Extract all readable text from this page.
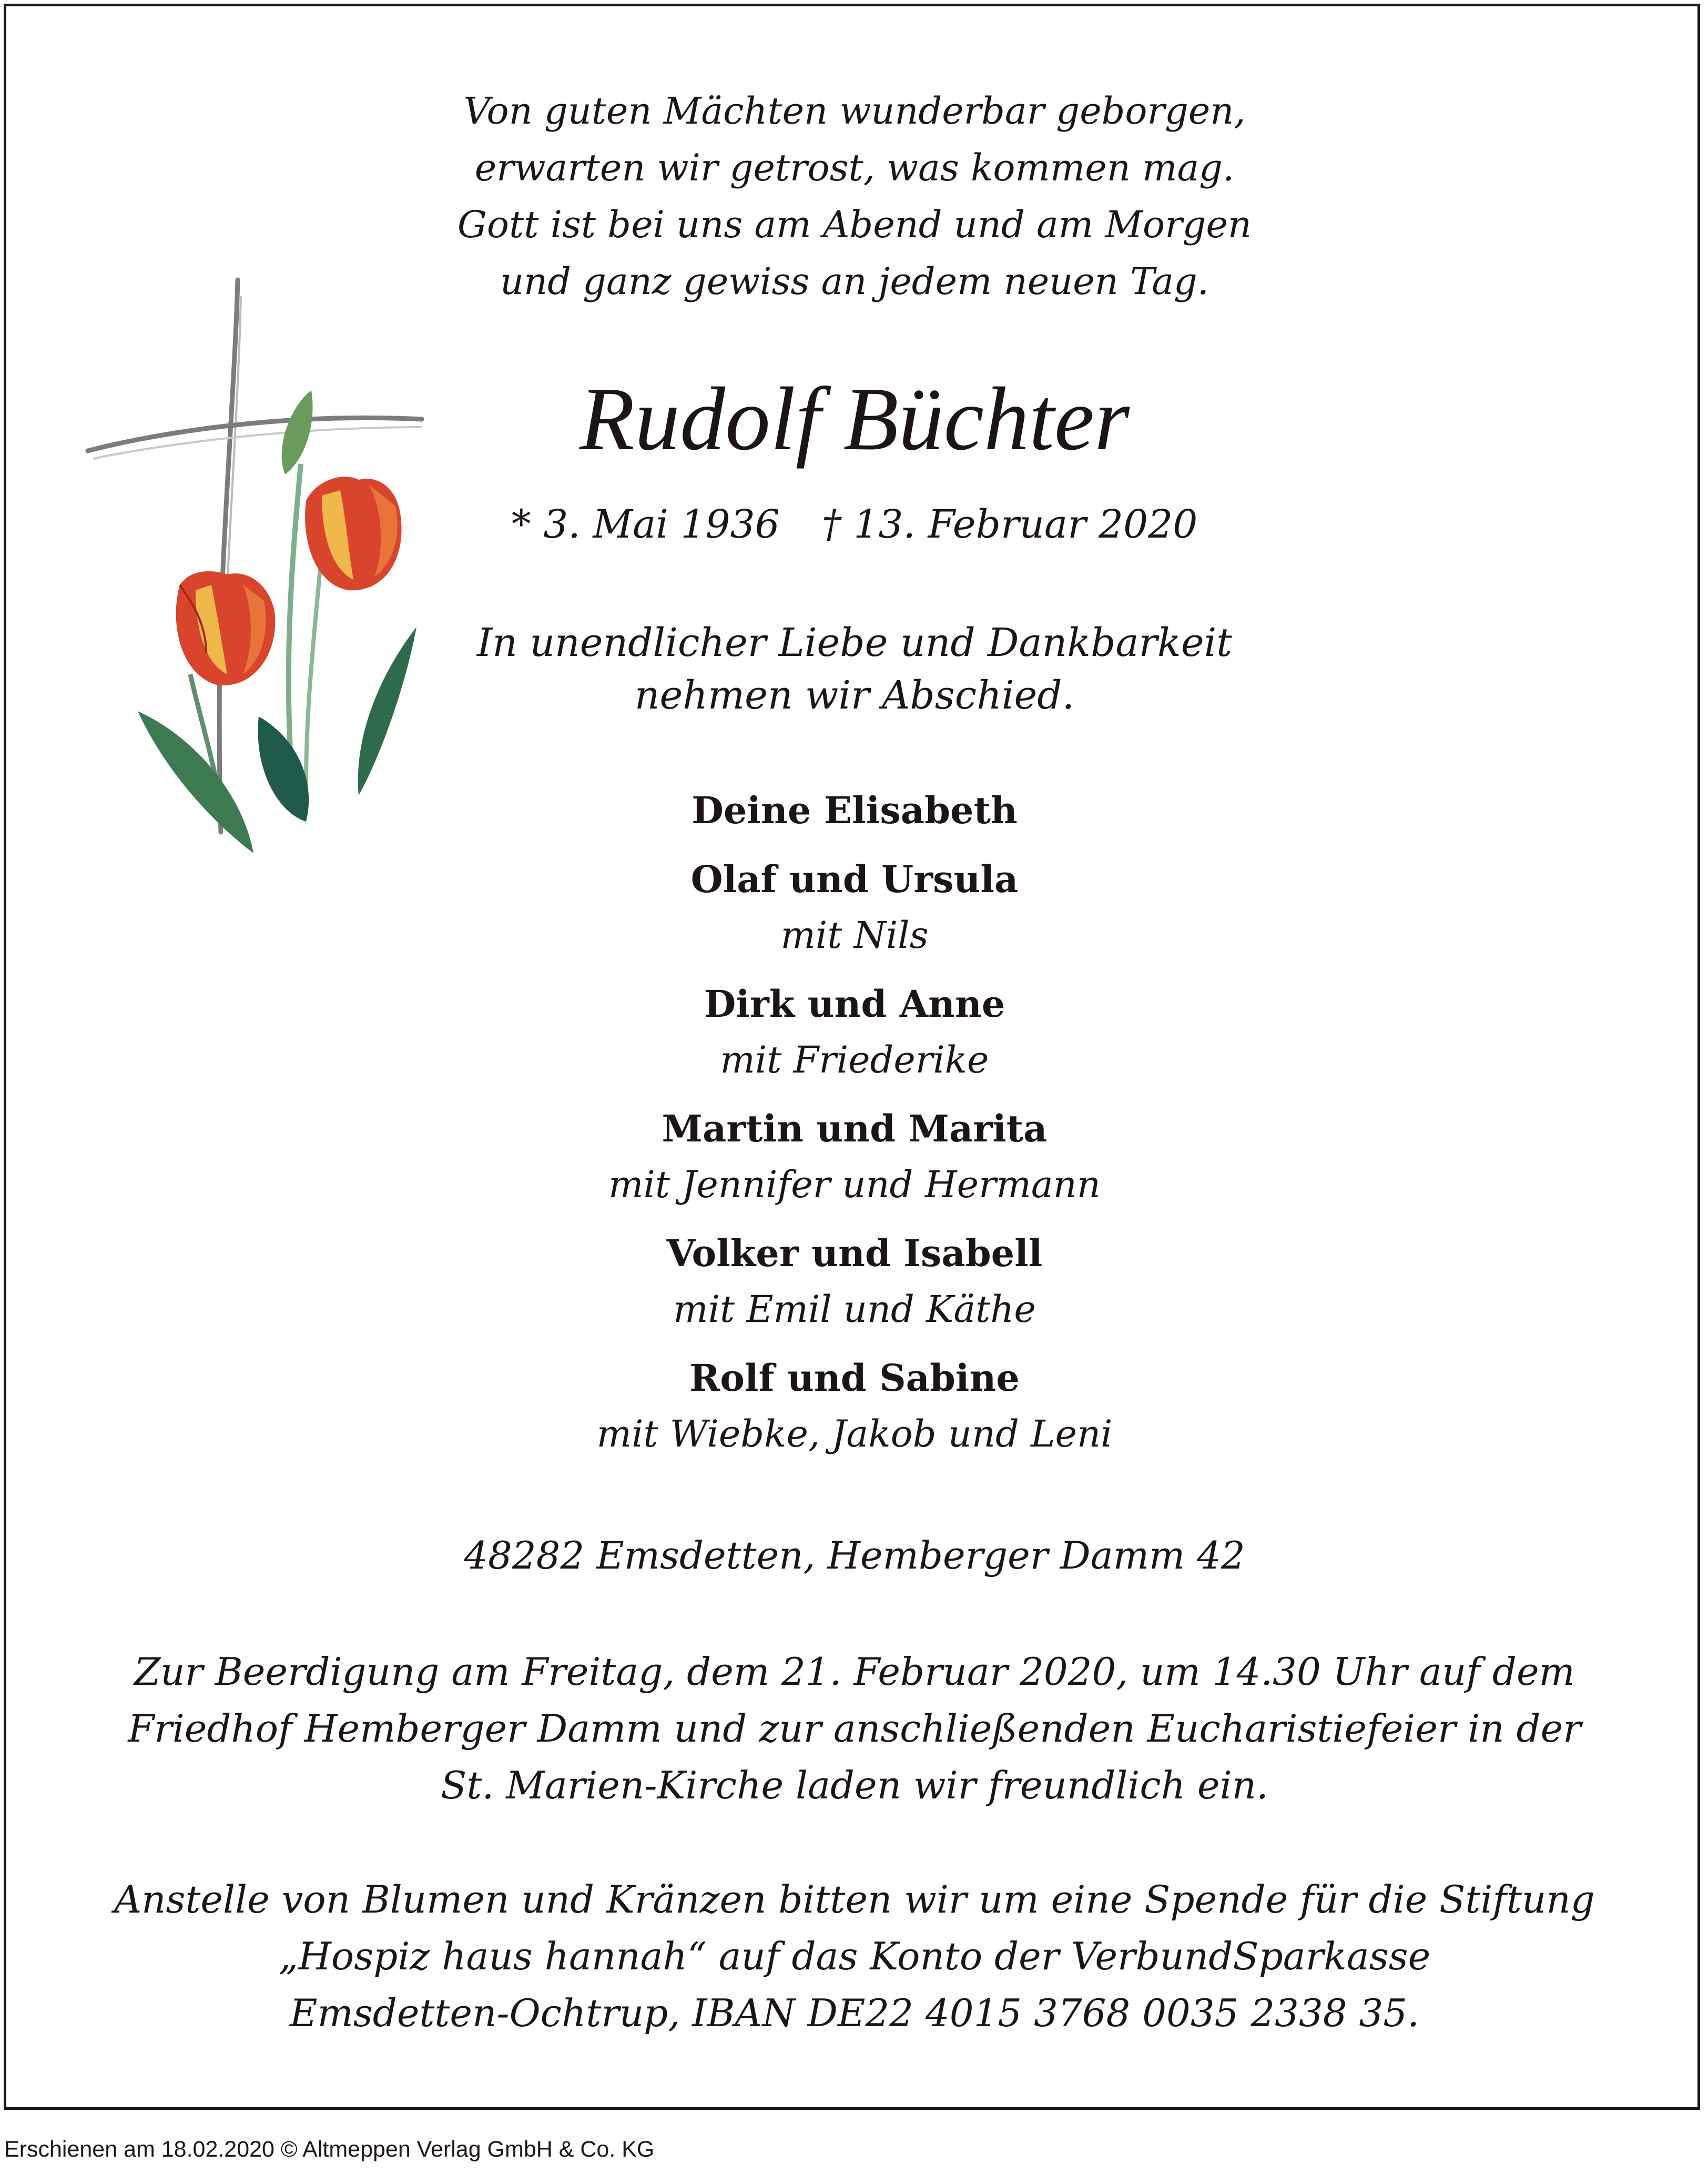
Von guten Mächten wunderbar geborgen,
erwarten wir getrost, was kommen mag.
Gott ist bei uns am Abend und am Morgen
und ganz gewiss an jedem neuen Tag.
Rudolf Büchter
* 3. Mai 1936 † 13. Februar 2020
In unendlicher Liebe und Dankbarkeit
nehmen wir Abschied.
Deine Elisabeth
Olaf und Ursula
mit Nils
Dirk und Anne
mit Friederike
Martin und Marita
mit Jennifer und Hermann
Volker und Isabell
mit Emil und Käthe
Rolf und Sabine
mit Wiebke, Jakob und Leni
48282 Emsdetten, Hemberger Damm 42
Zur Beerdigung am Freitag, dem 21. Februar 2020, um 14.30 Uhr auf dem
Friedhof Hemberger Damm und zur anschließenden Eucharistiefeier in der
St. Marien-Kirche laden wir freundlich ein.
Anstelle von Blumen und Kränzen bitten wir um eine Spende für die Stiftung
„Hospiz haus hannah“ auf das Konto der VerbundSparkasse
Emsdetten-Ochtrup, IBAN DE22 4015 3768 0035 2338 35.
Erschienen am 18.02.2020 © Altmeppen Verlag GmbH & Co. KG
